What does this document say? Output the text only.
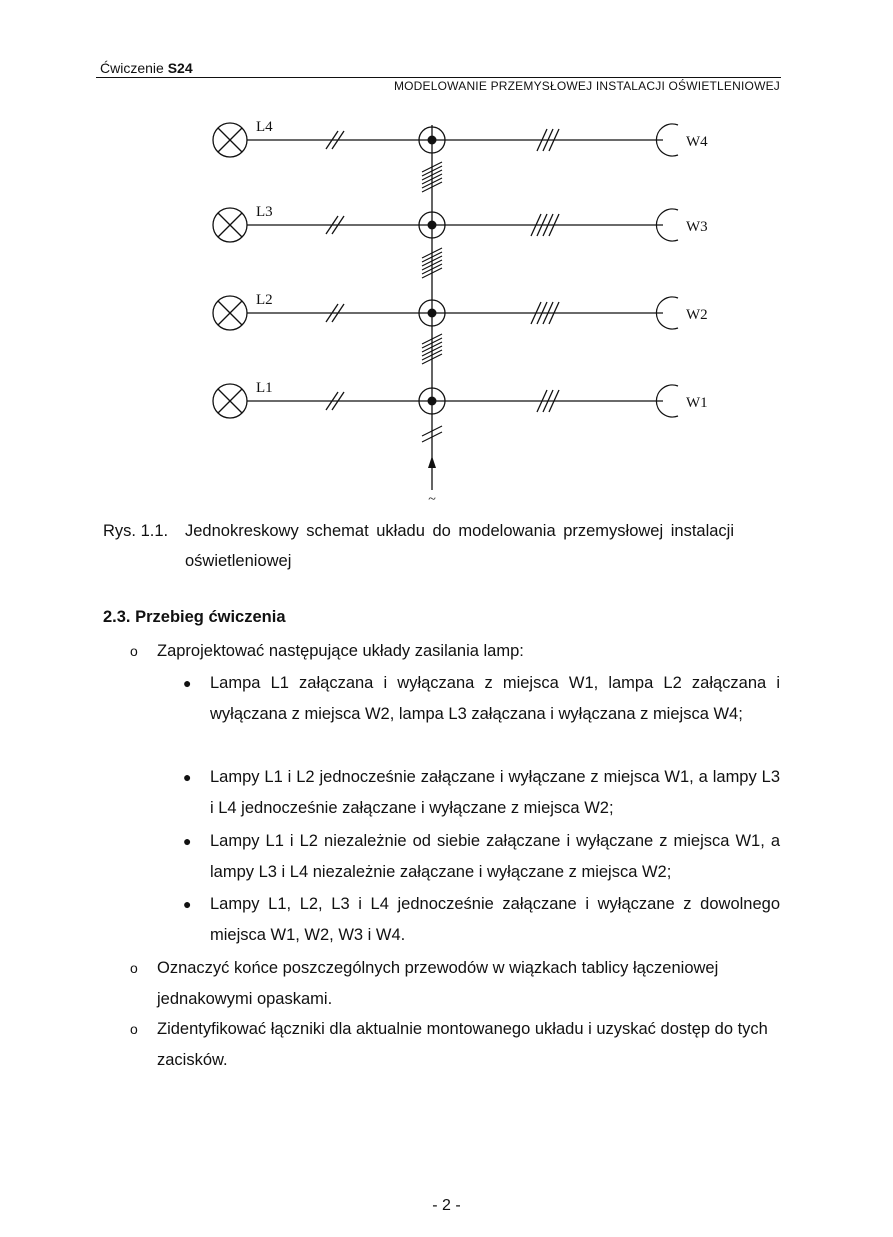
Ćwiczenie S24
MODELOWANIE PRZEMYSŁOWEJ INSTALACJI OŚWIETLENIOWEJ
L4
W4
L3
W3
L2
W2
L1
W1
~
Rys. 1.1. Jednokreskowy schemat układu do modelowania przemysłowej instalacji
oświetleniowej
2.3. Przebieg ćwiczenia
o Zaprojektować następujące układy zasilania lamp:
● Lampa L1 załączana i wyłączana z miejsca W1, lampa L2 załączana i wyłączana z miejsca W2, lampa L3 załączana i wyłączana z miejsca W4;
● Lampy L1 i L2 jednocześnie załączane i wyłączane z miejsca W1, a lampy L3 i L4 jednocześnie załączane i wyłączane z miejsca W2;
● Lampy L1 i L2 niezależnie od siebie załączane i wyłączane z miejsca W1, a lampy L3 i L4 niezależnie załączane i wyłączane z miejsca W2;
● Lampy L1, L2, L3 i L4 jednocześnie załączane i wyłączane z dowolnego miejsca W1, W2, W3 i W4.
o Oznaczyć końce poszczególnych przewodów w wiązkach tablicy łączeniowej jednakowymi opaskami.
o Zidentyfikować łączniki dla aktualnie montowanego układu i uzyskać dostęp do tych zacisków.
- 2 -
